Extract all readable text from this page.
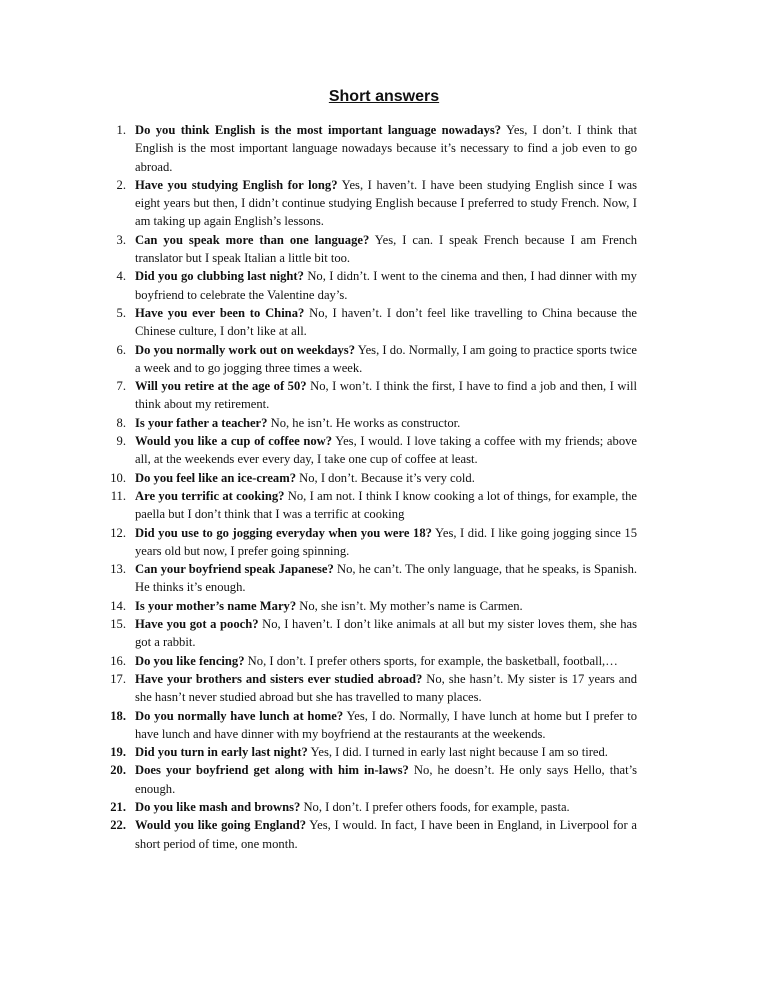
Short answers
1. Do you think English is the most important language nowadays? Yes, I don’t. I think that English is the most important language nowadays because it’s necessary to find a job even to go abroad.
2. Have you studying English for long? Yes, I haven’t. I have been studying English since I was eight years but then, I didn’t continue studying English because I preferred to study French. Now, I am taking up again English’s lessons.
3. Can you speak more than one language? Yes, I can. I speak French because I am French translator but I speak Italian a little bit too.
4. Did you go clubbing last night? No, I didn’t. I went to the cinema and then, I had dinner with my boyfriend to celebrate the Valentine day’s.
5. Have you ever been to China? No, I haven’t. I don’t feel like travelling to China because the Chinese culture, I don’t like at all.
6. Do you normally work out on weekdays? Yes, I do. Normally, I am going to practice sports twice a week and to go jogging three times a week.
7. Will you retire at the age of 50? No, I won’t. I think the first, I have to find a job and then, I will think about my retirement.
8. Is your father a teacher? No, he isn’t. He works as constructor.
9. Would you like a cup of coffee now? Yes, I would. I love taking a coffee with my friends; above all, at the weekends ever every day, I take one cup of coffee at least.
10. Do you feel like an ice-cream? No, I don’t. Because it’s very cold.
11. Are you terrific at cooking? No, I am not. I think I know cooking a lot of things, for example, the paella but I don’t think that I was a terrific at cooking
12. Did you use to go jogging everyday when you were 18? Yes, I did. I like going jogging since 15 years old but now, I prefer going spinning.
13. Can your boyfriend speak Japanese? No, he can’t. The only language, that he speaks, is Spanish. He thinks it’s enough.
14. Is your mother’s name Mary? No, she isn’t. My mother’s name is Carmen.
15. Have you got a pooch? No, I haven’t. I don’t like animals at all but my sister loves them, she has got a rabbit.
16. Do you like fencing? No, I don’t. I prefer others sports, for example, the basketball, football,…
17. Have your brothers and sisters ever studied abroad? No, she hasn’t. My sister is 17 years and she hasn’t never studied abroad but she has travelled to many places.
18. Do you normally have lunch at home? Yes, I do. Normally, I have lunch at home but I prefer to have lunch and have dinner with my boyfriend at the restaurants at the weekends.
19. Did you turn in early last night? Yes, I did. I turned in early last night because I am so tired.
20. Does your boyfriend get along with him in-laws? No, he doesn’t. He only says Hello, that’s enough.
21. Do you like mash and browns? No, I don’t. I prefer others foods, for example, pasta.
22. Would you like going England? Yes, I would. In fact, I have been in England, in Liverpool for a short period of time, one month.
